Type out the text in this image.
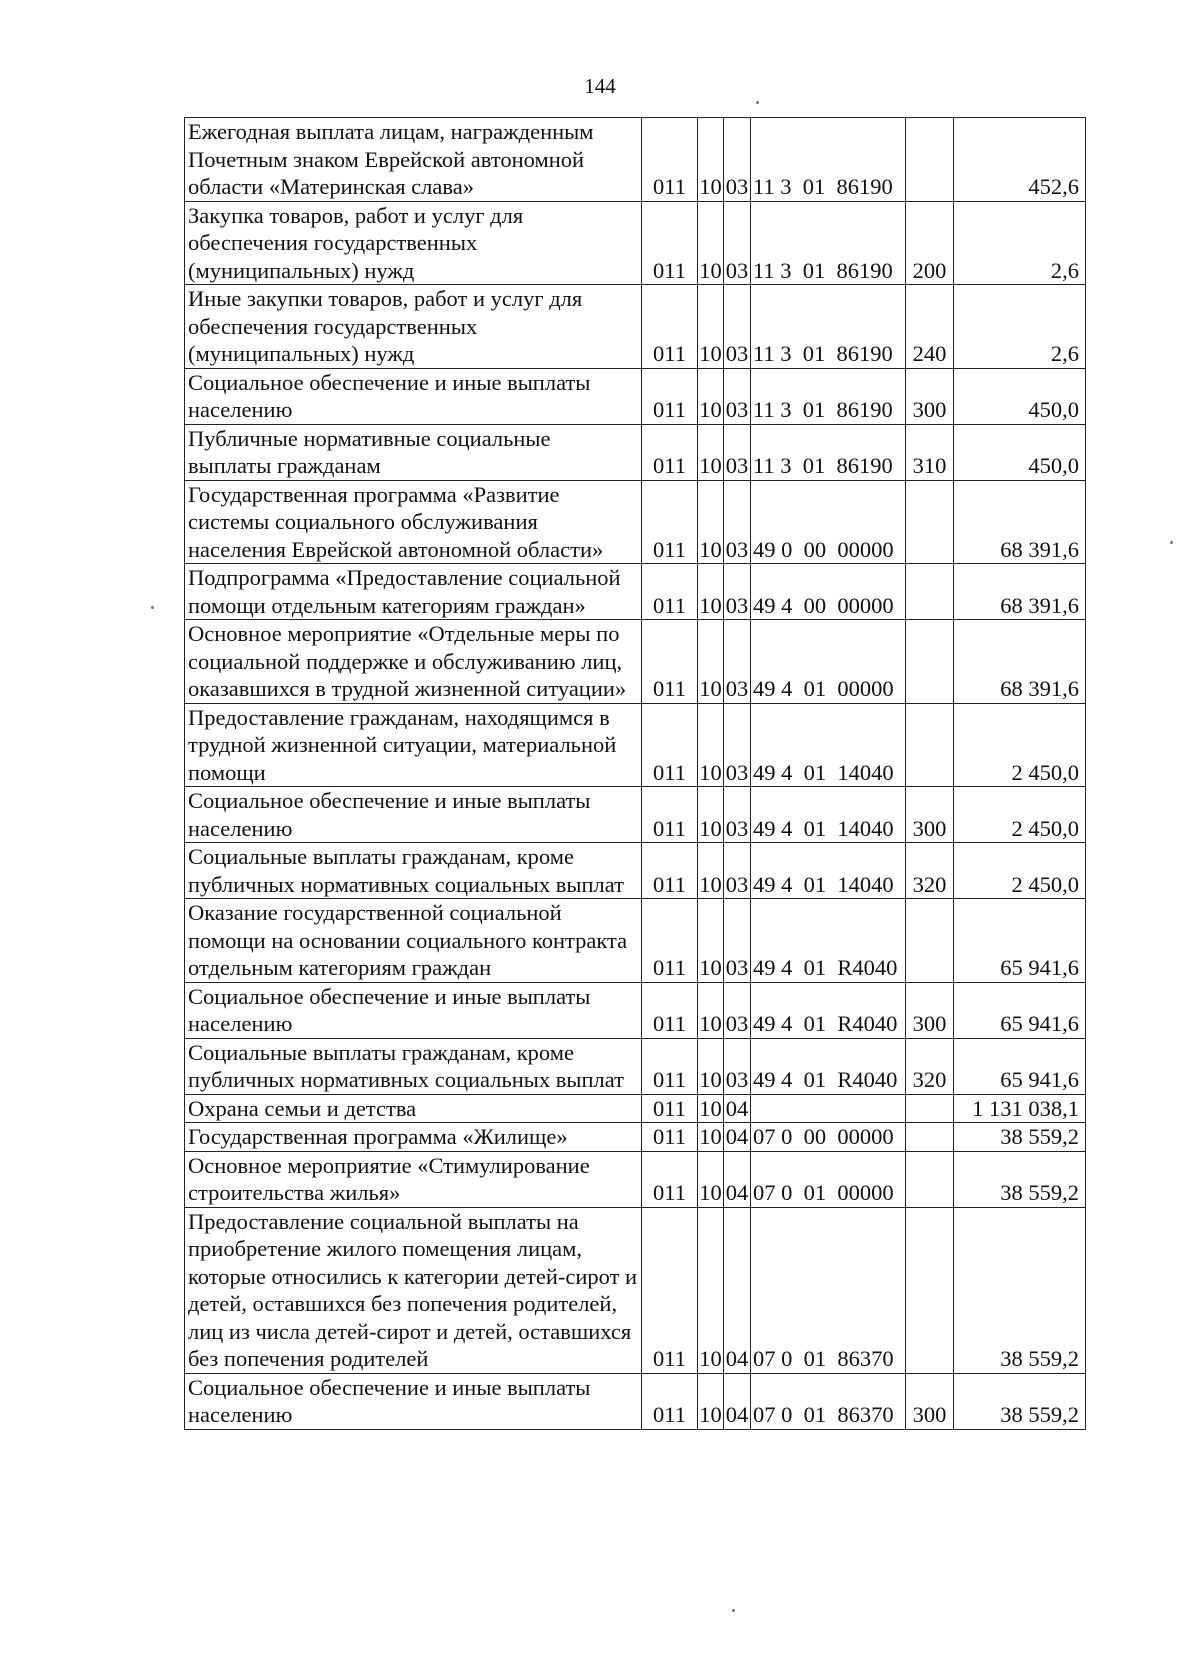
144
Ежегодная выплата лицам, награжденным Почетным знаком Еврейской автономной области «Материнская слава»	011	10	03	11 3  01  86190		452,6
Закупка товаров, работ и услуг для обеспечения государственных (муниципальных) нужд	011	10	03	11 3  01  86190	200	2,6
Иные закупки товаров, работ и услуг для обеспечения государственных (муниципальных) нужд	011	10	03	11 3  01  86190	240	2,6
Социальное обеспечение и иные выплаты населению	011	10	03	11 3  01  86190	300	450,0
Публичные нормативные социальные выплаты гражданам	011	10	03	11 3  01  86190	310	450,0
Государственная программа «Развитие системы социального обслуживания населения Еврейской автономной области»	011	10	03	49 0  00  00000		68 391,6
Подпрограмма «Предоставление социальной помощи отдельным категориям граждан»	011	10	03	49 4  00  00000		68 391,6
Основное мероприятие «Отдельные меры по социальной поддержке и обслуживанию лиц, оказавшихся в трудной жизненной ситуации»	011	10	03	49 4  01  00000		68 391,6
Предоставление гражданам, находящимся в трудной жизненной ситуации, материальной помощи	011	10	03	49 4  01  14040		2 450,0
Социальное обеспечение и иные выплаты населению	011	10	03	49 4  01  14040	300	2 450,0
Социальные выплаты гражданам, кроме публичных нормативных социальных выплат	011	10	03	49 4  01  14040	320	2 450,0
Оказание государственной социальной помощи на основании социального контракта отдельным категориям граждан	011	10	03	49 4  01  R4040		65 941,6
Социальное обеспечение и иные выплаты населению	011	10	03	49 4  01  R4040	300	65 941,6
Социальные выплаты гражданам, кроме публичных нормативных социальных выплат	011	10	03	49 4  01  R4040	320	65 941,6
Охрана семьи и детства	011	10	04			1 131 038,1
Государственная программа «Жилище»	011	10	04	07 0  00  00000		38 559,2
Основное мероприятие «Стимулирование строительства жилья»	011	10	04	07 0  01  00000		38 559,2
Предоставление социальной выплаты на приобретение жилого помещения лицам, которые относились к категории детей-сирот и детей, оставшихся без попечения родителей, лиц из числа детей-сирот и детей, оставшихся без попечения родителей	011	10	04	07 0  01  86370		38 559,2
Социальное обеспечение и иные выплаты населению	011	10	04	07 0  01  86370	300	38 559,2
